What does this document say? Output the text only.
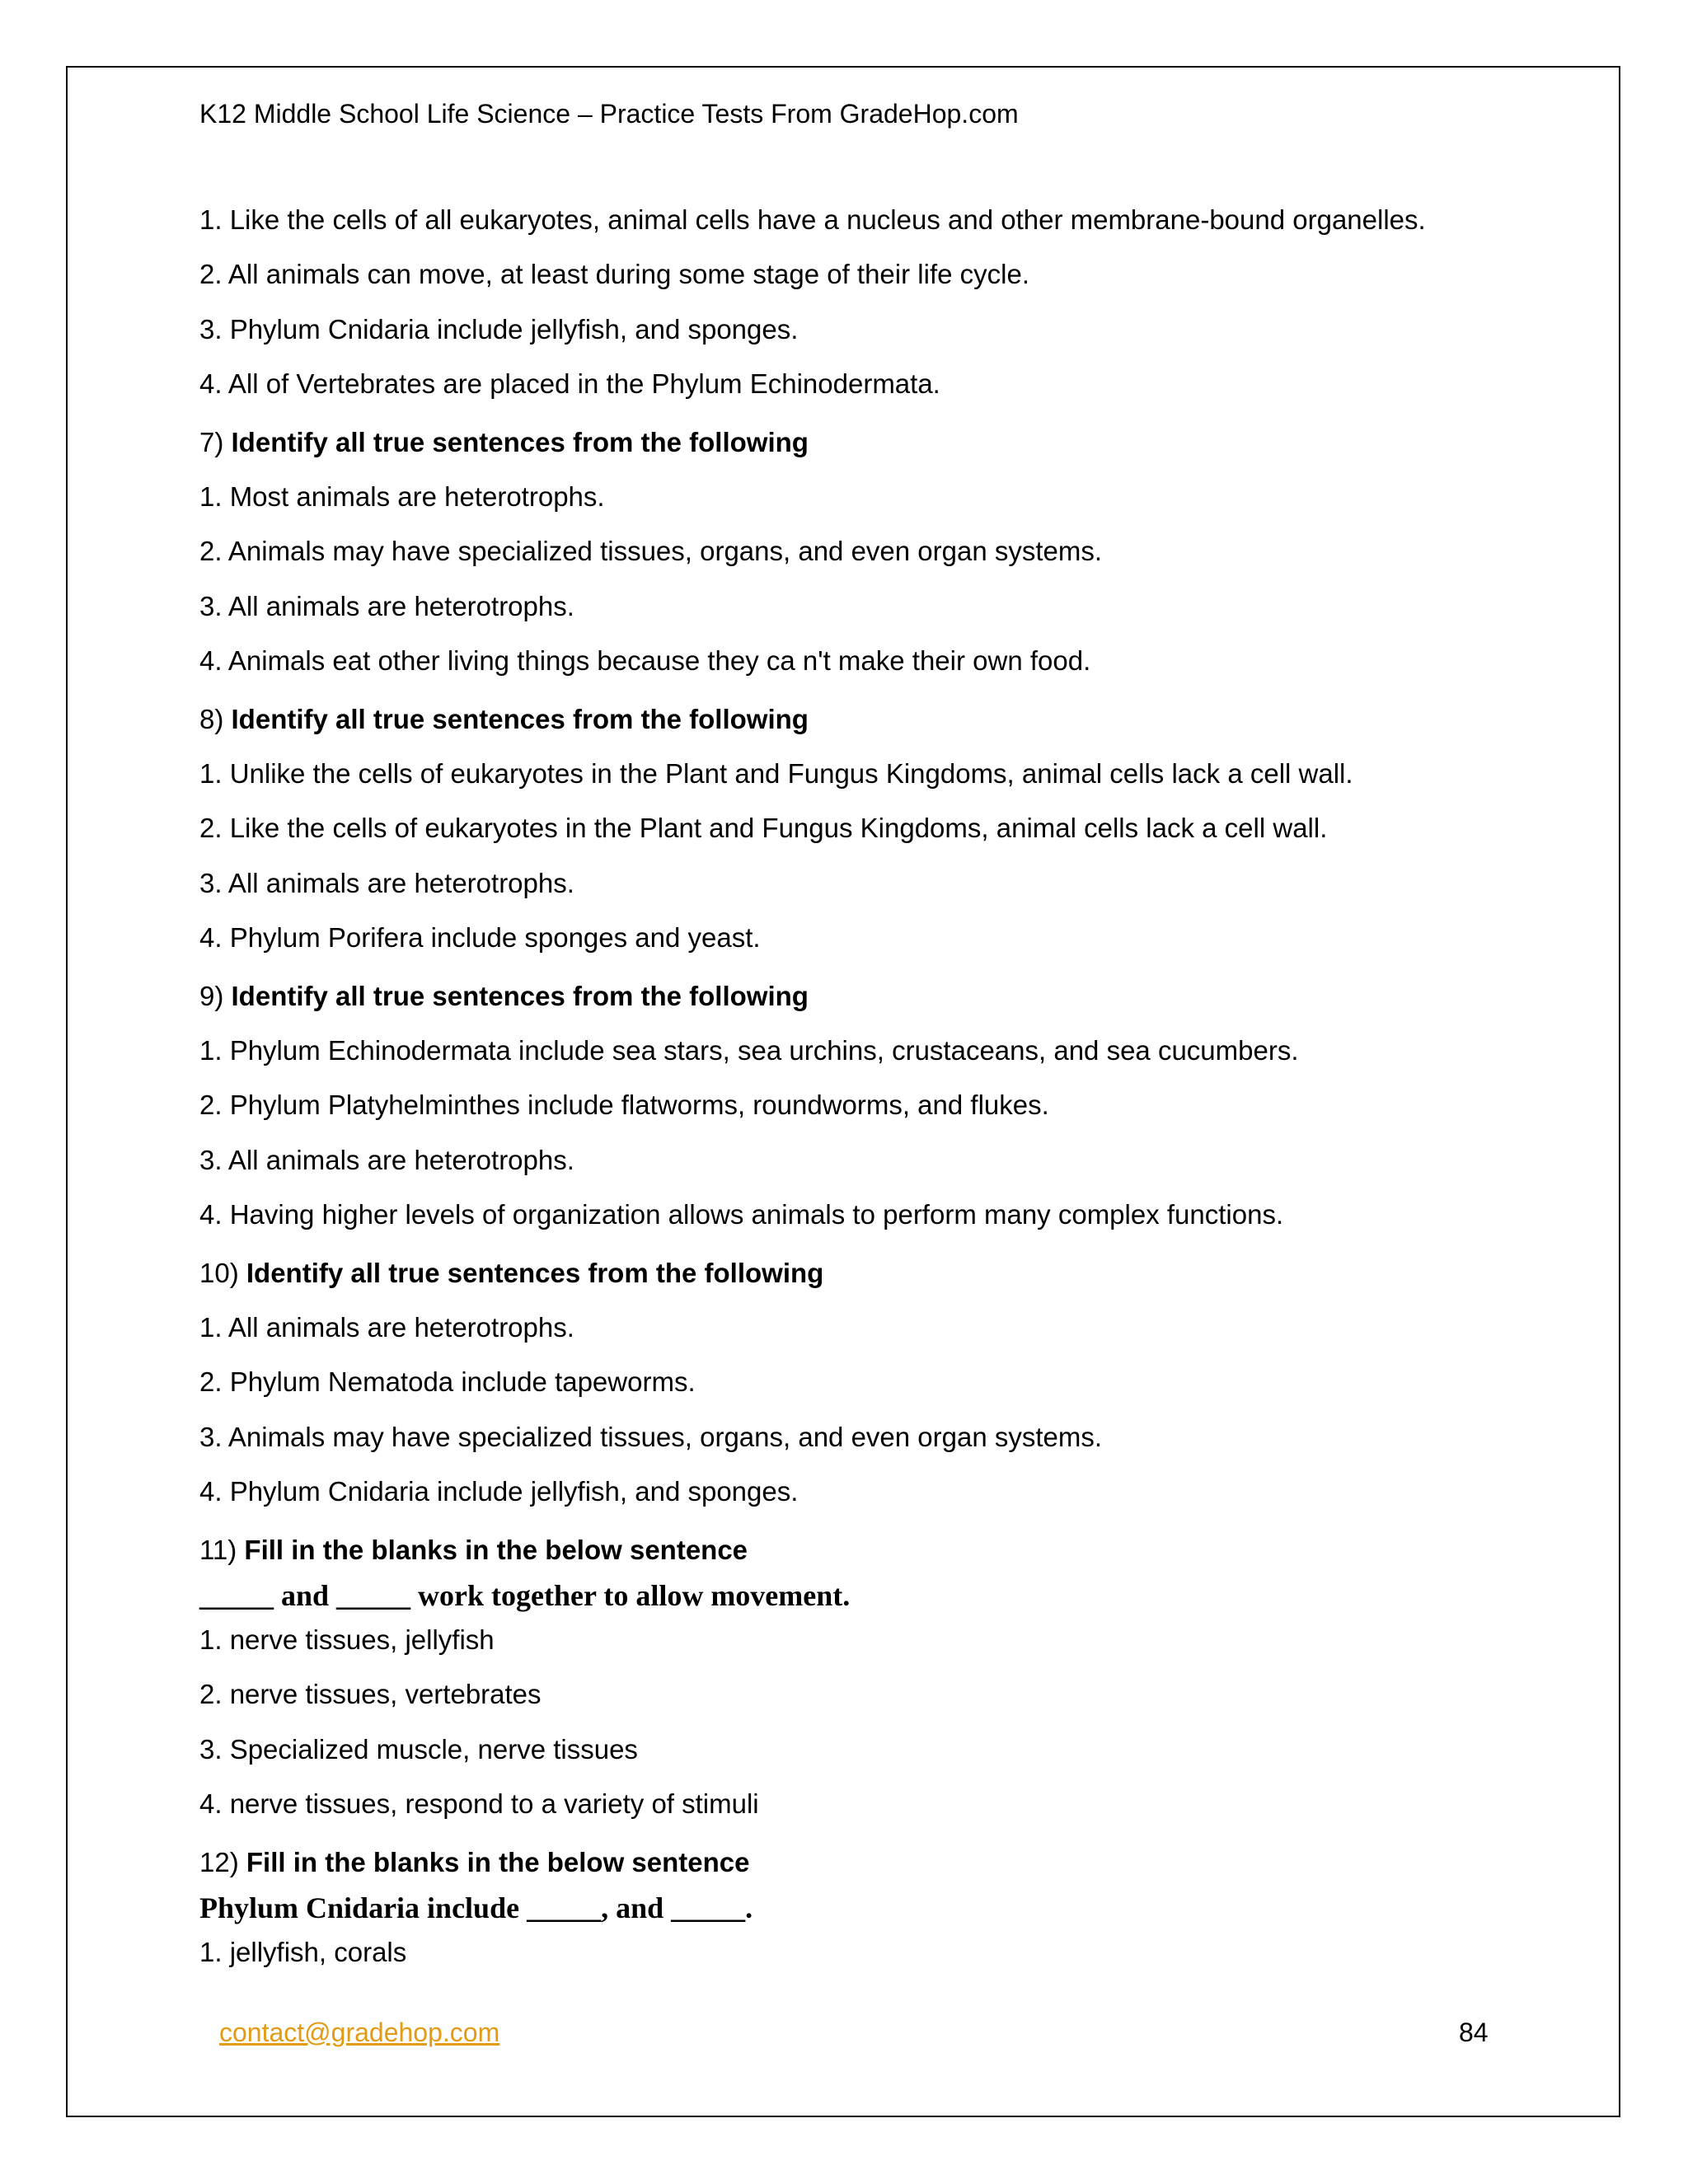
K12 Middle School Life Science – Practice Tests From GradeHop.com
1. Like the cells of all eukaryotes, animal cells have a nucleus and other membrane-bound organelles.
2. All animals can move, at least during some stage of their life cycle.
3. Phylum Cnidaria include jellyfish, and sponges.
4. All of Vertebrates are placed in the Phylum Echinodermata.
7) Identify all true sentences from the following
1. Most animals are heterotrophs.
2. Animals may have specialized tissues, organs, and even organ systems.
3. All animals are heterotrophs.
4. Animals eat other living things because they ca n't make their own food.
8) Identify all true sentences from the following
1. Unlike the cells of eukaryotes in the Plant and Fungus Kingdoms, animal cells lack a cell wall.
2. Like the cells of eukaryotes in the Plant and Fungus Kingdoms, animal cells lack a cell wall.
3. All animals are heterotrophs.
4. Phylum Porifera include sponges and yeast.
9) Identify all true sentences from the following
1. Phylum Echinodermata include sea stars, sea urchins, crustaceans, and sea cucumbers.
2. Phylum Platyhelminthes include flatworms, roundworms, and flukes.
3. All animals are heterotrophs.
4. Having higher levels of organization allows animals to perform many complex functions.
10) Identify all true sentences from the following
1. All animals are heterotrophs.
2. Phylum Nematoda include tapeworms.
3. Animals may have specialized tissues, organs, and even organ systems.
4. Phylum Cnidaria include jellyfish, and sponges.
11) Fill in the blanks in the below sentence
_____ and _____ work together to allow movement.
1. nerve tissues, jellyfish
2. nerve tissues, vertebrates
3. Specialized muscle, nerve tissues
4. nerve tissues, respond to a variety of stimuli
12) Fill in the blanks in the below sentence
Phylum Cnidaria include _____, and _____.
1. jellyfish, corals
contact@gradehop.com	84
